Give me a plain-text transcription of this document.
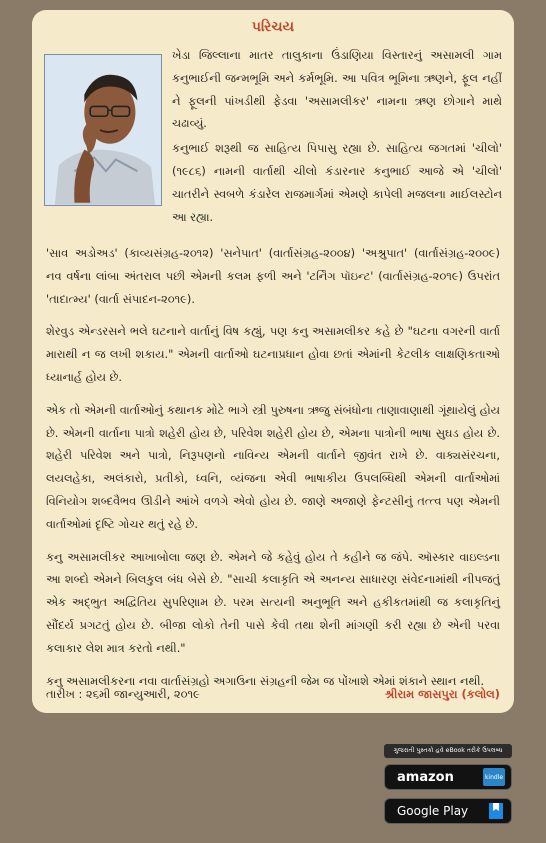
પરિચય

ખેડા જિલ્લાના માતર તાલુકાના ઉંડાણિયા વિસ્તારનું અસામલી ગામ કનુભાઈની જન્મભૂમિ અને કર્મભૂમિ. આ પવિત્ર ભૂમિના ઋણને, ફૂલ નહીં ને ફૂલની પાંખડીથી ફેડવા 'અસામલીકર' નામના ઋણ છોગાને માથે ચઢાવ્યું.

કનુભાઈ શરૂથી જ સાહિત્ય પિપાસુ રહ્યા છે. સાહિત્ય જગતમાં 'ચીલો' (૧૯૮૬) નામની વાર્તાથી ચીલો કંડારનાર કનુભાઈ આજે એ 'ચીલો' ચાતરીને સ્વબળે કંડારેલ રાજમાર્ગમાં એમણે કાપેલી મજલના માઈલસ્ટોન આ રહ્યા.

'સાવ અડોઅડ' (કાવ્યસંગ્રહ-૨૦૧૨) 'સનેપાત' (વાર્તાસંગ્રહ-૨૦૦૪) 'અશ્રુપાત' (વાર્તાસંગ્રહ-૨૦૦૯) નવ વર્ષના લાંબા અંતરાલ પછી એમની કલમ ફળી અને 'ટર્નિંગ પૉઇન્ટ' (વાર્તાસંગ્રહ-૨૦૧૯) ઉપરાંત 'તાદાત્મ્ય' (વાર્તા સંપાદન-૨૦૧૯).

શેરવુડ એન્ડરસને ભલે ઘટનાને વાર્તાનું વિષ કહ્યું, પણ કનુ અસામલીકર કહે છે "ઘટના વગરની વાર્તા મારાથી ન જ લખી શકાય." એમની વાર્તાઓ ઘટનાપ્રધાન હોવા છતાં એમાંની કેટલીક લાક્ષણિકતાઓ ધ્યાનાર્હ હોય છે.

એક તો એમની વાર્તાઓનું કથાનક મોટે ભાગે સ્ત્રી પુરુષના ઋજુ સંબંધોના તાણાવાણાથી ગૂંથાયેલું હોય છે. એમની વાર્તાના પાત્રો શહેરી હોય છે, પરિવેશ શહેરી હોય છે, એમના પાત્રોની ભાષા સુઘડ હોય છે. શહેરી પરિવેશ અને પાત્રો, નિરૂપણનો નાવિન્ય એમની વાર્તાને જીવંત રાખે છે. વાક્યસંરચના, લયલહેકા, અલંકારો, પ્રતીકો, ધ્વનિ, વ્યંજના એવી ભાષાકીય ઉપલબ્ધિથી એમની વાર્તાઓમાં વિનિયોગ શબ્દવૈભવ ઊડીને આંખે વળગે એવો હોય છે. જાણે અજાણે ફેન્ટસીનું તત્ત્વ પણ એમની વાર્તાઓમાં દૃષ્ટિ ગોચર થતું રહે છે.

કનુ અસામલીકર આખાબોલા જણ છે. એમને જે કહેવું હોય તે કહીને જ જંપે. ઑસ્કાર વાઇલ્ડના આ શબ્દો એમને બિલકુલ બંધ બેસે છે. "સાચી કલાકૃતિ એ અનન્ય સાધારણ સંવેદનામાંથી નીપજતું એક અદ્ભુત અદ્વિતિય સુપરિણામ છે. પરમ સત્યની અનુભૂતિ અને હકીકતમાંથી જ કલાકૃતિનું સૌંદર્ય પ્રગટતું હોય છે. બીજા લોકો તેની પાસે કેવી તથા શેની માંગણી કરી રહ્યા છે એની પરવા કલાકાર લેશ માત્ર કરતો નથી."

કનુ અસામલીકરના નવા વાર્તાસંગ્રહો અગાઉના સંગ્રહની જેમ જ પોંખાશે એમાં શંકાને સ્થાન નથી.

તારીખ : ૨૬મી જાન્યુઆરી, ૨૦૧૯	શ્રીરામ જાસપુરા (કલોલ)
ગુજરાતી પુસ્તકો હવે eBook તરીકે ઉપલબ્ધ
amazon	kindle
Google Play
